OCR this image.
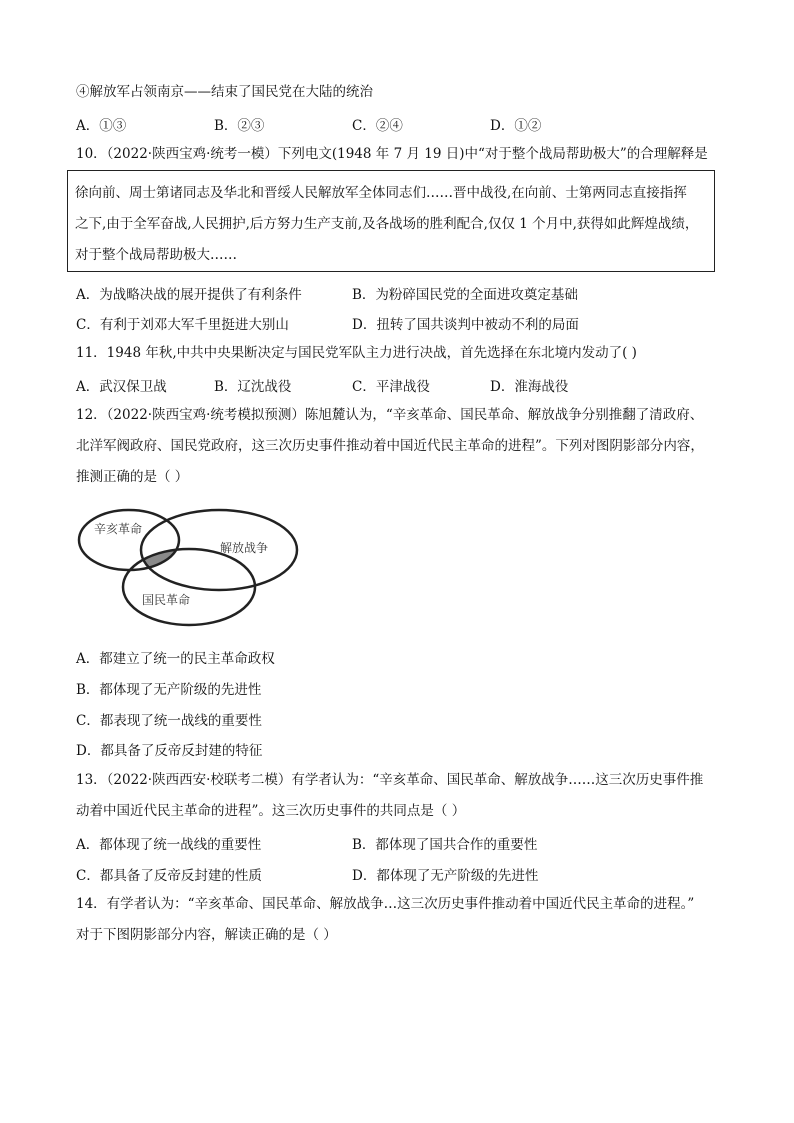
④解放军占领南京——结束了国民党在大陆的统治
A．①③	B．②③	C．②④	D．①②
10．（2022·陕西宝鸡·统考一模）下列电文(1948 年 7 月 19 日)中“对于整个战局帮助极大”的合理解释是
徐向前、周士第诸同志及华北和晋绥人民解放军全体同志们……晋中战役,在向前、士第两同志直接指挥
之下,由于全军奋战,人民拥护,后方努力生产支前,及各战场的胜利配合,仅仅 1 个月中,获得如此辉煌战绩，
对于整个战局帮助极大……
A．为战略决战的展开提供了有利条件	B．为粉碎国民党的全面进攻奠定基础
C．有利于刘邓大军千里挺进大别山	D．扭转了国共谈判中被动不利的局面
11．1948 年秋,中共中央果断决定与国民党军队主力进行决战，首先选择在东北境内发动了( )
A．武汉保卫战	B．辽沈战役	C．平津战役	D．淮海战役
12．（2022·陕西宝鸡·统考模拟预测）陈旭麓认为，“辛亥革命、国民革命、解放战争分别推翻了清政府、
北洋军阀政府、国民党政府，这三次历史事件推动着中国近代民主革命的进程”。下列对图阴影部分内容，
推测正确的是（ ）
辛亥革命
解放战争
国民革命
A．都建立了统一的民主革命政权
B．都体现了无产阶级的先进性
C．都表现了统一战线的重要性
D．都具备了反帝反封建的特征
13．（2022·陕西西安·校联考二模）有学者认为：“辛亥革命、国民革命、解放战争……这三次历史事件推
动着中国近代民主革命的进程”。这三次历史事件的共同点是（ ）
A．都体现了统一战线的重要性	B．都体现了国共合作的重要性
C．都具备了反帝反封建的性质	D．都体现了无产阶级的先进性
14．有学者认为：“辛亥革命、国民革命、解放战争…这三次历史事件推动着中国近代民主革命的进程。”
对于下图阴影部分内容，解读正确的是（ ）
